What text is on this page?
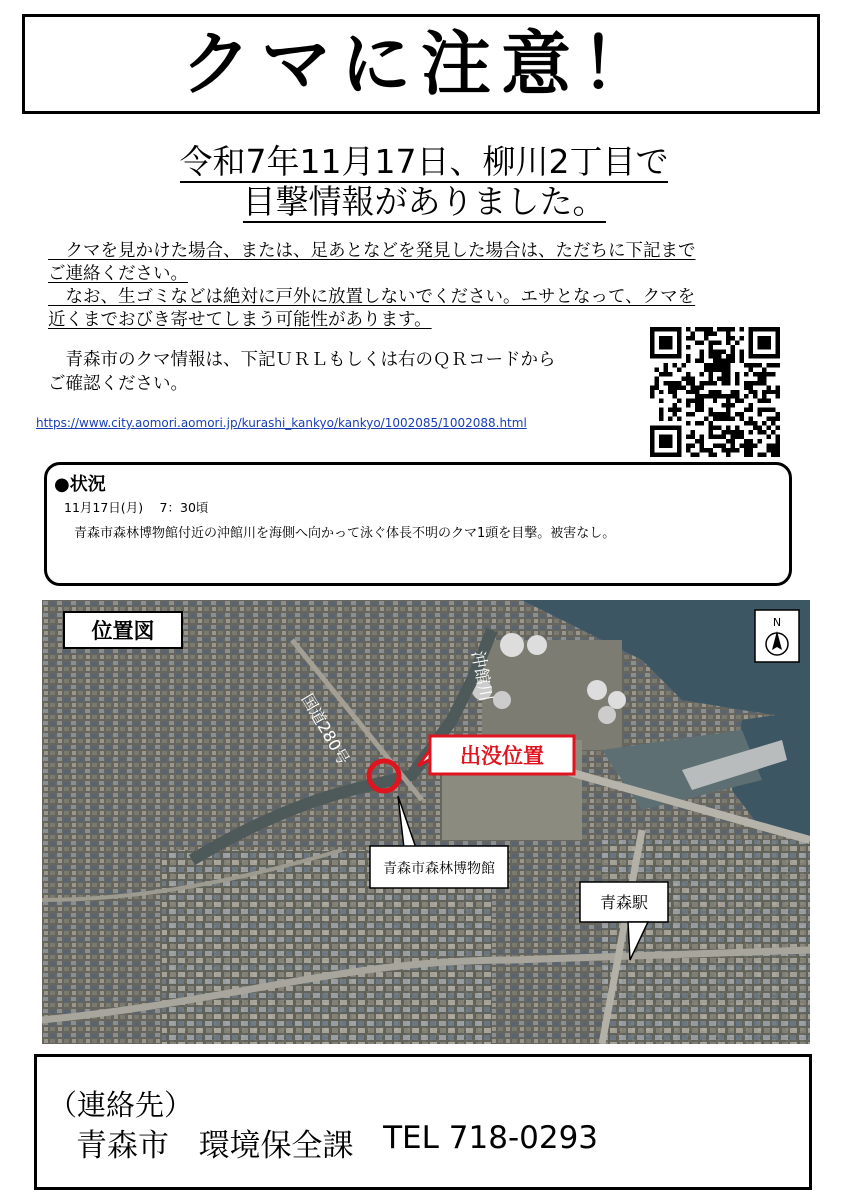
クマに注意！
令和7年11月17日、柳川2丁目で
目撃情報がありました。
　クマを見かけた場合、または、足あとなどを発見した場合は、ただちに下記まで
ご連絡ください。
　なお、生ゴミなどは絶対に戸外に放置しないでください。エサとなって、クマを
近くまでおびき寄せてしまう可能性があります。
　青森市のクマ情報は、下記ＵＲＬもしくは右のＱＲコードから
ご確認ください。
https://www.city.aomori.aomori.jp/kurashi_kankyo/kankyo/1002085/1002088.html
●状況
11月17日(月)　 7：30頃
青森市森林博物館付近の沖館川を海側へ向かって泳ぐ体長不明のクマ1頭を目撃。被害なし。
位置図	N
国道280号
沖館川
出没位置
青森市森林博物館
青森駅
（連絡先）
青森市
環境保全課
TEL 718-0293
